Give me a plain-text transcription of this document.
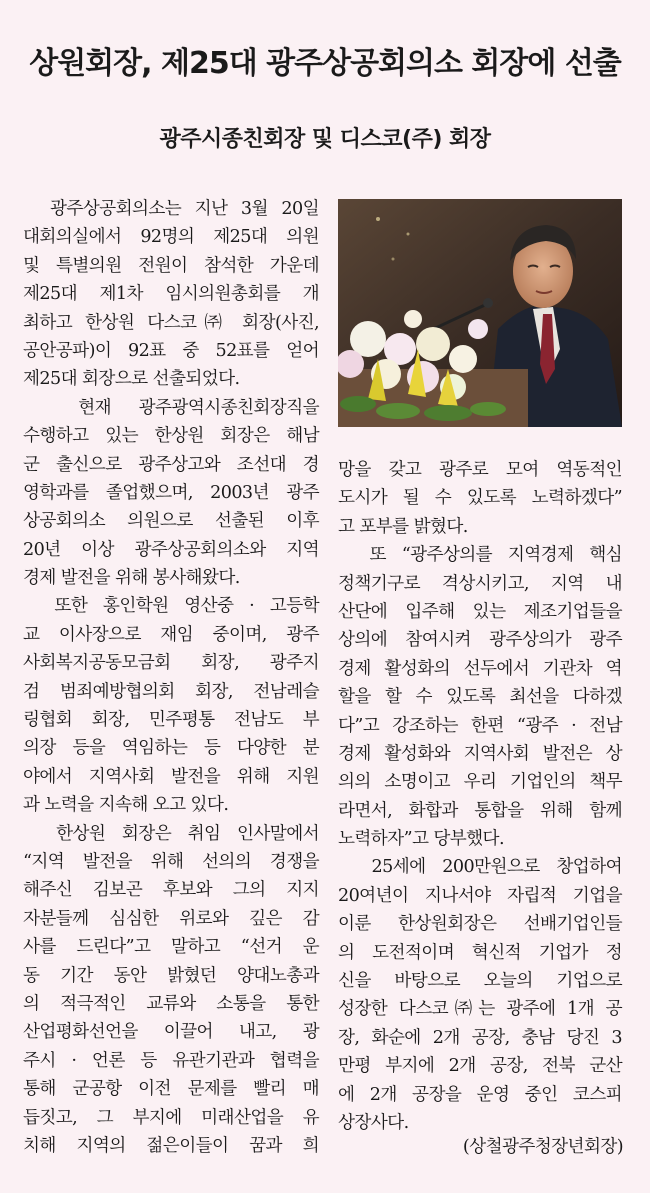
상원회장, 제25대 광주상공회의소 회장에 선출
광주시종친회장 및 디스코(주) 회장
광주상공회의소는 지난 3월 20일
대회의실에서 92명의 제25대 의원
및 특별의원 전원이 참석한 가운데
제25대 제1차 임시의원총회를 개
최하고 한상원 다스코㈜ 회장(사진,
공안공파)이 92표 중 52표를 얻어
제25대 회장으로 선출되었다.
현재 광주광역시종친회장직을
수행하고 있는 한상원 회장은 해남
군 출신으로 광주상고와 조선대 경
영학과를 졸업했으며, 2003년 광주
상공회의소 의원으로 선출된 이후
20년 이상 광주상공회의소와 지역
경제 발전을 위해 봉사해왔다.
또한 홍인학원 영산중 · 고등학
교 이사장으로 재임 중이며, 광주
사회복지공동모금회 회장, 광주지
검 범죄예방협의회 회장, 전남레슬
링협회 회장, 민주평통 전남도 부
의장 등을 역임하는 등 다양한 분
야에서 지역사회 발전을 위해 지원
과 노력을 지속해 오고 있다.
한상원 회장은 취임 인사말에서
“지역 발전을 위해 선의의 경쟁을
해주신 김보곤 후보와 그의 지지
자분들께 심심한 위로와 깊은 감
사를 드린다”고 말하고 “선거 운
동 기간 동안 밝혔던 양대노총과
의 적극적인 교류와 소통을 통한
산업평화선언을 이끌어 내고, 광
주시 · 언론 등 유관기관과 협력을
통해 군공항 이전 문제를 빨리 매
듭짓고, 그 부지에 미래산업을 유
치해 지역의 젊은이들이 꿈과 희
망을 갖고 광주로 모여 역동적인
도시가 될 수 있도록 노력하겠다”
고 포부를 밝혔다.
또 “광주상의를 지역경제 핵심
정책기구로 격상시키고, 지역 내
산단에 입주해 있는 제조기업들을
상의에 참여시켜 광주상의가 광주
경제 활성화의 선두에서 기관차 역
할을 할 수 있도록 최선을 다하겠
다”고 강조하는 한편 “광주 · 전남
경제 활성화와 지역사회 발전은 상
의의 소명이고 우리 기업인의 책무
라면서, 화합과 통합을 위해 함께
노력하자”고 당부했다.
25세에 200만원으로 창업하여
20여년이 지나서야 자립적 기업을
이룬 한상원회장은 선배기업인들
의 도전적이며 혁신적 기업가 정
신을 바탕으로 오늘의 기업으로
성장한 다스코㈜는 광주에 1개 공
장, 화순에 2개 공장, 충남 당진 3
만평 부지에 2개 공장, 전북 군산
에 2개 공장을 운영 중인 코스피
상장사다.
(상철광주청장년회장)
